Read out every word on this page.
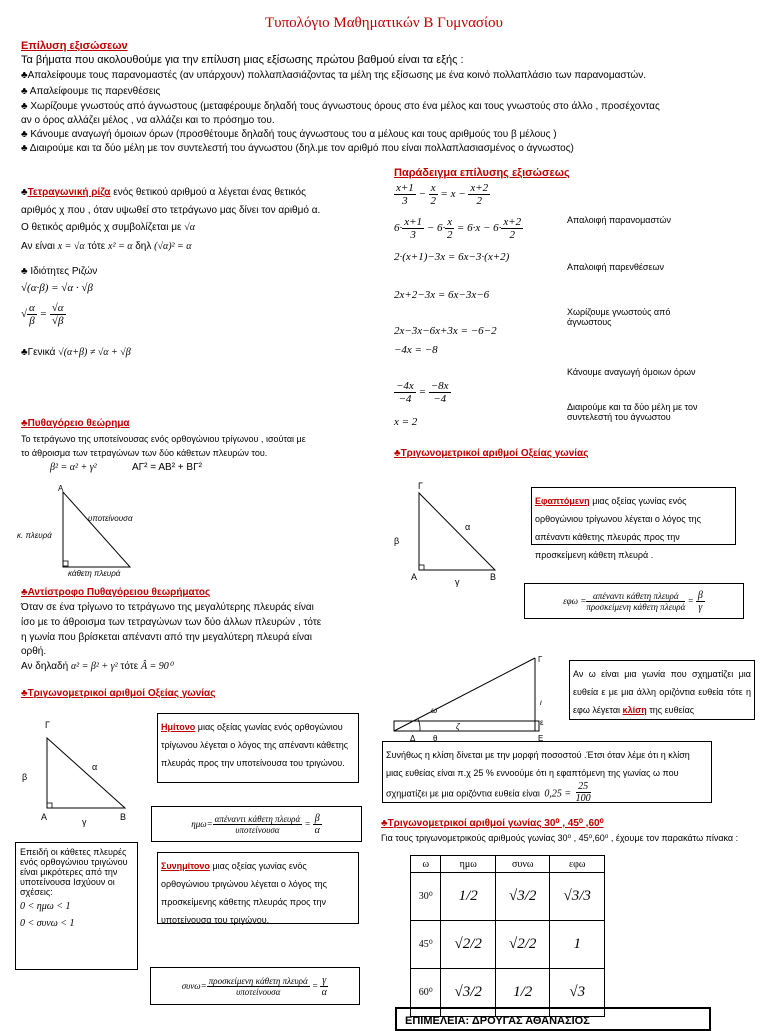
Τυπολόγιο Μαθηματικών Β Γυμνασίου
Επίλυση εξισώσεων
Τα βήματα που ακολουθούμε για την επίλυση μιας εξίσωσης πρώτου βαθμού είναι τα εξής :
♣ Απαλείφουμε τους παρανομαστές (αν υπάρχουν) πολλαπλασιάζοντας τα μέλη της εξίσωσης με ένα κοινό πολλαπλάσιο των παρανομαστών.
♣ Απαλείφουμε τις παρενθέσεις
♣ Χωρίζουμε γνωστούς από άγνωστους (μεταφέρουμε δηλαδή τους άγνωστους όρους στο ένα μέλος και τους γνωστούς στο άλλο , προσέχοντας
αν ο όρος αλλάζει μέλος , να αλλάζει και το πρόσημο του.
♣ Κάνουμε αναγωγή όμοιων όρων (προσθέτουμε δηλαδή τους άγνωστους του α μέλους και τους αριθμούς του β μέλους )
♣ Διαιρούμε και τα δύο μέλη με τον συντελεστή του άγνωστου (δηλ.με τον αριθμό που είναι πολλαπλασιασμένος ο άγνωστος)
♣ Τετραγωνική ρίζα ενός θετικού αριθμού α λέγεται ένας θετικός
αριθμός χ που , όταν υψωθεί στο τετράγωνο μας δίνει τον αριθμό α.
Ο θετικός αριθμός χ συμβολίζεται με √α
Αν είναι x = √α τότε x² = α δηλ (√α)² = α
♣ Ιδιότητες Ριζών
√(α·β) = √α · √β
√ $\frac{\alpha}{\beta} = \frac{√\alpha}{√\beta}$
♣ Γενικά √(α+β) ≠ √α + √β
Παράδειγμα επίλυσης εξισώσεως
$\frac{x+1}{3} - \frac{x}{2} = x - \frac{x+2}{2}$
$6\cdot \frac{x+1}{3} - 6\cdot \frac{x}{2} = 6\cdot x - 6\cdot \frac{x+2}{2}$	Απαλοιφή παρανομαστών
2·(x+1)−3x = 6x−3·(x+2)
Απαλοιφή παρενθέσεων
2x+2−3x = 6x−3x−6
Χωρίζουμε γνωστούς από άγνωστους
2x−3x−6x+3x = −6−2
−4x = −8
Κάνουμε αναγωγή όμοιων όρων
$\frac{-4x}{-4} = \frac{-8x}{-4}$
Διαιρούμε και τα δύο μέλη με τον συντελεστή του άγνωστου
x = 2
♣ Πυθαγόρειο θεώρημα
Το τετράγωνο της υποτείνουσας ενός ορθογώνιου τρίγωνου , ισούται με
το άθροισμα των τετραγώνων των δύο κάθετων πλευρών του.
β² = α² + γ²	ΑΓ² = ΑΒ² + ΒΓ²
Α
υποτείνουσα
κ. πλευρά
κάθετη πλευρά
♣ Αντίστροφο Πυθαγόρειου θεωρήματος
Όταν σε ένα τρίγωνο το τετράγωνο της μεγαλύτερης πλευράς είναι
ίσο με το άθροισμα των τετραγώνων των δύο άλλων πλευρών , τότε
η γωνία που βρίσκεται απέναντι από την μεγαλύτερη πλευρά είναι
ορθή.
Αν δηλαδή α² = β² + γ² τότε Â = 90⁰
♣ Τριγωνομετρικοί αριθμοί Οξείας γωνίας
Γ
β
α
Α	γ	Β
Ημίτονο μιας οξείας γωνίας ενός ορθογώνιου τρίγωνου λέγεται ο λόγος της απέναντι κάθετης πλευράς προς την υποτείνουσα του τριγώνου.
$\eta\mu\omega= \frac{\text{απέναντι κάθετη πλευρά}}{\text{υποτείνουσα}} = \frac{\beta}{\alpha}$
Συνημίτονο μιας οξείας γωνίας ενός ορθογώνιου τριγώνου λέγεται ο λόγος της προσκείμενης κάθετης πλευράς προς την υποτείνουσα του τριγώνου.
$\sigma\upsilon\nu\omega= \frac{\text{προσκείμενη κάθετη πλευρά}}{\text{υποτείνουσα}} = \frac{\gamma}{\alpha}$
Επειδή οι κάθετες πλευρές ενός ορθογώνιου τριγώνου είναι μικρότερες από την υποτείνουσα Ισχύουν οι σχέσεις:
0 < ημω < 1
0 < συνω < 1
♣ Τριγωνομετρικοί αριθμοί Οξείας γωνίας
Γ
β
α
Α	γ	Β
Εφαπτόμενη μιας οξείας γωνίας ενός ορθογώνιου τρίγωνου λέγεται ο λόγος της απέναντι κάθετης πλευράς προς την προσκείμενη κάθετη πλευρά .
$\varepsilon\varphi\omega = \frac{\text{απέναντι κάθετη πλευρά}}{\text{προσκείμενη κάθετη πλευρά}} = \frac{\beta}{\gamma}$
Γ
ω
ζ
ι
ε
Δ θ	Ε
Αν ω είναι μια γωνία που σχηματίζει μια ευθεία ε με μια άλλη οριζόντια ευθεία τότε η εφω λέγεται κλίση της ευθείας
Συνήθως η κλίση δίνεται με την μορφή ποσοστού .Έτσι όταν λέμε ότι η κλίση μιας ευθείας είναι π.χ 25 % εννοούμε ότι η εφαπτόμενη της γωνίας ω που σχηματίζει με μια οριζόντια ευθεία είναι $0,25 = \frac{25}{100}$
♣ Τριγωνομετρικοί αριθμοί γωνίας 30⁰ , 45⁰ ,60⁰
Για τους τριγωνομετρικούς αριθμούς γωνίας 30⁰ , 45⁰,60⁰ , έχουμε τον παρακάτω πίνακα :
ω	ημω	συνω	εφω
30⁰	1/2	√3/2	√3/3
45⁰	√2/2	√2/2	1
60⁰	√3/2	1/2	√3
ΕΠΙΜΕΛΕΙΑ: ΔΡΟΥΓΑΣ ΑΘΑΝΑΣΙΟΣ
